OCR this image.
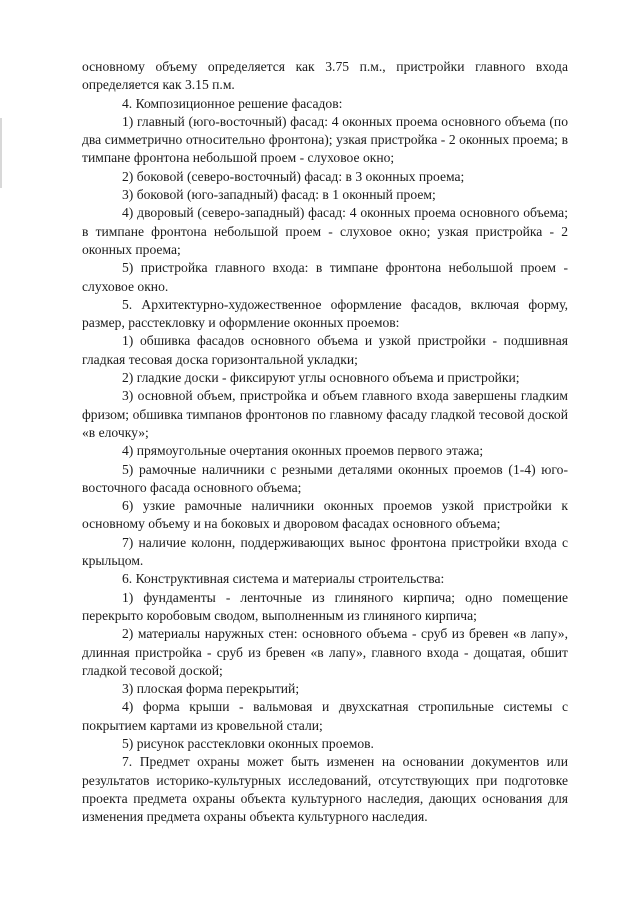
основному объему определяется как 3.75 п.м., пристройки главного входа определяется как 3.15 п.м.

4. Композиционное решение фасадов:

1) главный (юго-восточный) фасад: 4 оконных проема основного объема (по два симметрично относительно фронтона); узкая пристройка - 2 оконных проема; в тимпане фронтона небольшой проем - слуховое окно;

2) боковой (северо-восточный) фасад: в 3 оконных проема;

3) боковой (юго-западный) фасад: в 1 оконный проем;

4) дворовый (северо-западный) фасад: 4 оконных проема основного объема; в тимпане фронтона небольшой проем - слуховое окно; узкая пристройка - 2 оконных проема;

5) пристройка главного входа: в тимпане фронтона небольшой проем - слуховое окно.

5. Архитектурно-художественное оформление фасадов, включая форму, размер, расстекловку и оформление оконных проемов:

1) обшивка фасадов основного объема и узкой пристройки - подшивная гладкая тесовая доска горизонтальной укладки;

2) гладкие доски - фиксируют углы основного объема и пристройки;

3) основной объем, пристройка и объем главного входа завершены гладким фризом; обшивка тимпанов фронтонов по главному фасаду гладкой тесовой доской «в елочку»;

4) прямоугольные очертания оконных проемов первого этажа;

5) рамочные наличники с резными деталями оконных проемов (1-4) юго-восточного фасада основного объема;

6) узкие рамочные наличники оконных проемов узкой пристройки к основному объему и на боковых и дворовом фасадах основного объема;

7) наличие колонн, поддерживающих вынос фронтона пристройки входа с крыльцом.

6. Конструктивная система и материалы строительства:

1) фундаменты - ленточные из глиняного кирпича; одно помещение перекрыто коробовым сводом, выполненным из глиняного кирпича;

2) материалы наружных стен: основного объема - сруб из бревен «в лапу», длинная пристройка - сруб из бревен «в лапу», главного входа - дощатая, обшит гладкой тесовой доской;

3) плоская форма перекрытий;

4) форма крыши - вальмовая и двухскатная стропильные системы с покрытием картами из кровельной стали;

5) рисунок расстекловки оконных проемов.

7. Предмет охраны может быть изменен на основании документов или результатов историко-культурных исследований, отсутствующих при подготовке проекта предмета охраны объекта культурного наследия, дающих основания для изменения предмета охраны объекта культурного наследия.
